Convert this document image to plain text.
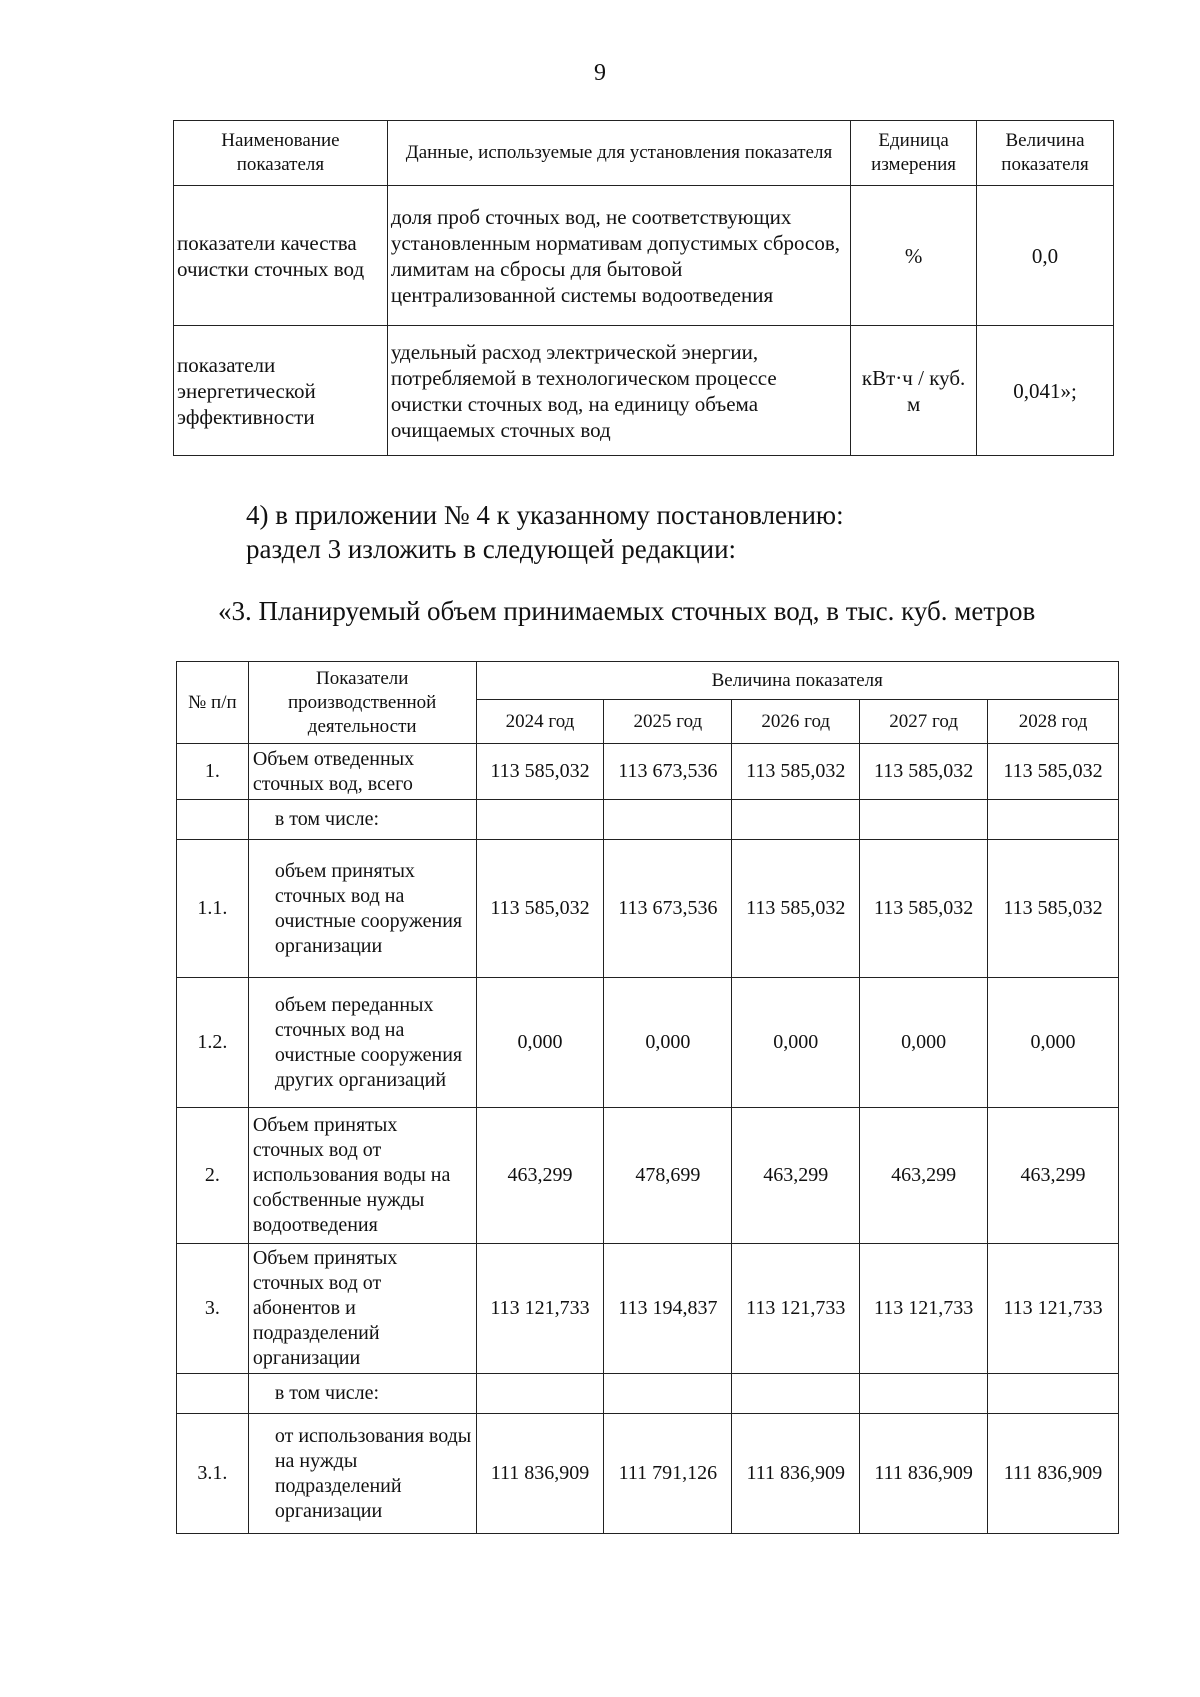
9
Наименование показателя	Данные, используемые для установления показателя	Единица измерения	Величина показателя
показатели качества очистки сточных вод	доля проб сточных вод, не соответствующих установленным нормативам допустимых сбросов, лимитам на сбросы для бытовой централизованной системы водоотведения	%	0,0
показатели энергетической эффективности	удельный расход электрической энергии, потребляемой в технологическом процессе очистки сточных вод, на единицу объема очищаемых сточных вод	кВт·ч / куб. м	0,041»;
4) в приложении № 4 к указанному постановлению:
раздел 3 изложить в следующей редакции:
«3. Планируемый объем принимаемых сточных вод, в тыс. куб. метров
№ п/п	Показатели производственной деятельности	Величина показателя				
		2024 год	2025 год	2026 год	2027 год	2028 год
1.	Объем отведенных сточных вод, всего	113 585,032	113 673,536	113 585,032	113 585,032	113 585,032
	в том числе:					
1.1.	объем принятых сточных вод на очистные сооружения организации	113 585,032	113 673,536	113 585,032	113 585,032	113 585,032
1.2.	объем переданных сточных вод на очистные сооружения других организаций	0,000	0,000	0,000	0,000	0,000
2.	Объем принятых сточных вод от использования воды на собственные нужды водоотведения	463,299	478,699	463,299	463,299	463,299
3.	Объем принятых сточных вод от абонентов и подразделений организации	113 121,733	113 194,837	113 121,733	113 121,733	113 121,733
	в том числе:					
3.1.	от использования воды на нужды подразделений организации	111 836,909	111 791,126	111 836,909	111 836,909	111 836,909
